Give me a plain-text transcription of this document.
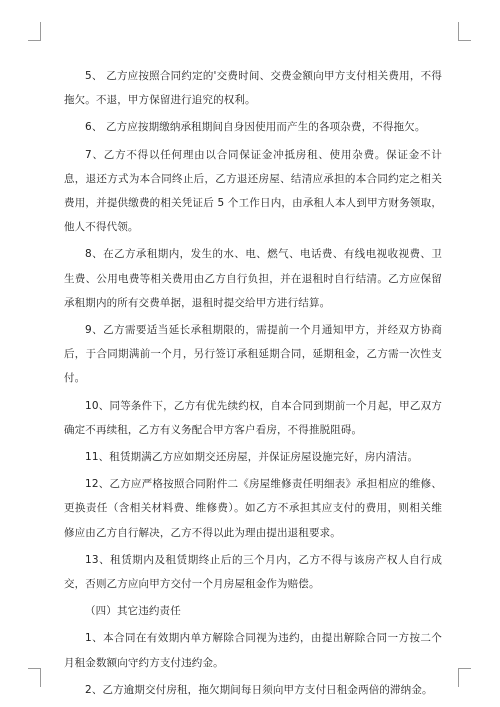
5、 乙方应按照合同约定的'交费时间、交费金额向甲方支付相关费用，不得拖欠。不退，甲方保留进行追究的权利。

6、 乙方应按期缴纳承租期间自身因使用而产生的各项杂费，不得拖欠。

7、乙方不得以任何理由以合同保证金冲抵房租、使用杂费。保证金不计息，退还方式为本合同终止后，乙方退还房屋、结清应承担的本合同约定之相关费用，并提供缴费的相关凭证后 5 个工作日内，由承租人本人到甲方财务领取，他人不得代领。

8、在乙方承租期内，发生的水、电、燃气、电话费、有线电视收视费、卫生费、公用电费等相关费用由乙方自行负担，并在退租时自行结清。乙方应保留承租期内的所有交费单据，退租时提交给甲方进行结算。

9、乙方需要适当延长承租期限的，需提前一个月通知甲方，并经双方协商后，于合同期满前一个月，另行签订承租延期合同，延期租金，乙方需一次性支付。

10、同等条件下，乙方有优先续约权，自本合同到期前一个月起，甲乙双方确定不再续租，乙方有义务配合甲方客户看房，不得推脱阻碍。

11、租赁期满乙方应如期交还房屋，并保证房屋设施完好，房内清洁。

12、乙方应严格按照合同附件二《房屋维修责任明细表》承担相应的维修、更换责任（含相关材料费、维修费）。如乙方不承担其应支付的费用，则相关维修应由乙方自行解决，乙方不得以此为理由提出退租要求。

13、租赁期内及租赁期终止后的三个月内，乙方不得与该房产权人自行成交，否则乙方应向甲方交付一个月房屋租金作为赔偿。

（四）其它违约责任

1、本合同在有效期内单方解除合同视为违约，由提出解除合同一方按二个月租金数额向守约方支付违约金。

2、乙方逾期交付房租，拖欠期间每日须向甲方支付日租金两倍的滞纳金。
